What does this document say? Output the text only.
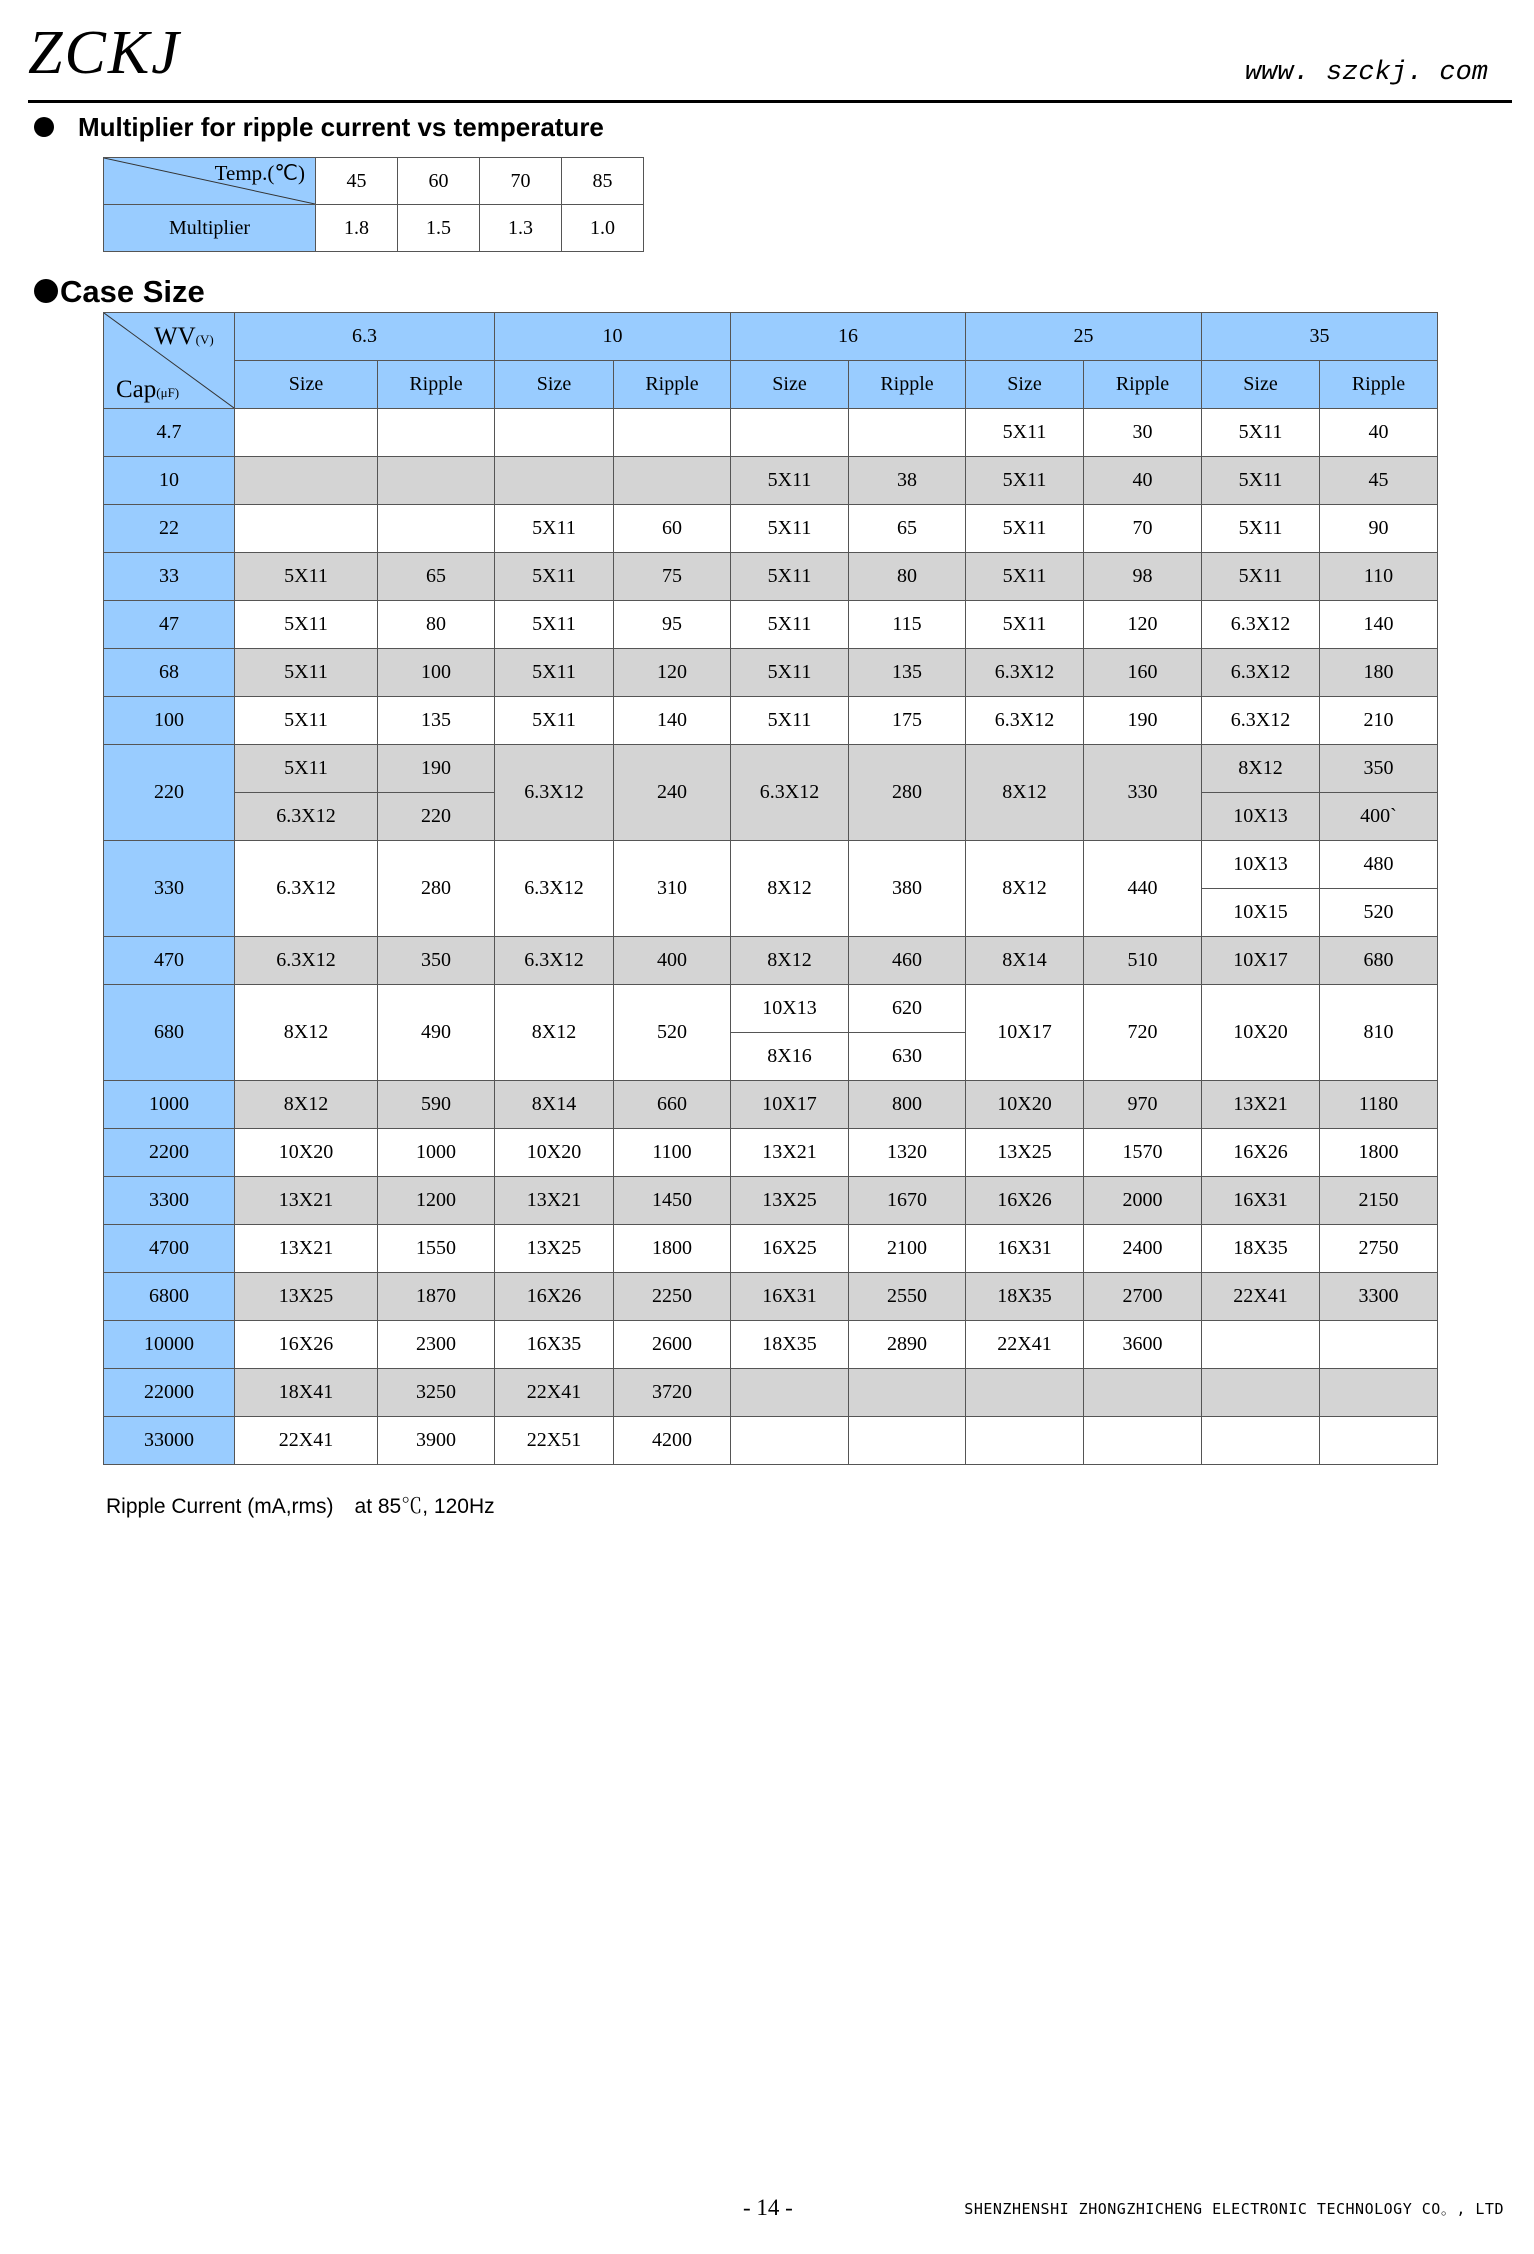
ZCKJ	www. szckj. com
Multiplier for ripple current vs temperature
Temp.(℃)	45	60	70	85
Multiplier	1.8	1.5	1.3	1.0
Case Size
WV(V)
Cap(μF)	6.3		10		16		25		35	
	Size	Ripple	Size	Ripple	Size	Ripple	Size	Ripple	Size	Ripple
4.7							5X11	30	5X11	40
10					5X11	38	5X11	40	5X11	45
22			5X11	60	5X11	65	5X11	70	5X11	90
33	5X11	65	5X11	75	5X11	80	5X11	98	5X11	110
47	5X11	80	5X11	95	5X11	115	5X11	120	6.3X12	140
68	5X11	100	5X11	120	5X11	135	6.3X12	160	6.3X12	180
100	5X11	135	5X11	140	5X11	175	6.3X12	190	6.3X12	210
220	5X11	190	6.3X12	240	6.3X12	280	8X12	330	8X12	350
	6.3X12	220							10X13	400`
330	6.3X12	280	6.3X12	310	8X12	380	8X12	440	10X13	480
									10X15	520
470	6.3X12	350	6.3X12	400	8X12	460	8X14	510	10X17	680
680	8X12	490	8X12	520	10X13	620	10X17	720	10X20	810
					8X16	630				
1000	8X12	590	8X14	660	10X17	800	10X20	970	13X21	1180
2200	10X20	1000	10X20	1100	13X21	1320	13X25	1570	16X26	1800
3300	13X21	1200	13X21	1450	13X25	1670	16X26	2000	16X31	2150
4700	13X21	1550	13X25	1800	16X25	2100	16X31	2400	18X35	2750
6800	13X25	1870	16X26	2250	16X31	2550	18X35	2700	22X41	3300
10000	16X26	2300	16X35	2600	18X35	2890	22X41	3600		
22000	18X41	3250	22X41	3720						
33000	22X41	3900	22X51	4200						
Ripple Current (mA,rms)　at 85℃, 120Hz
- 14 -	SHENZHENSHI ZHONGZHICHENG ELECTRONIC TECHNOLOGY CO。, LTD
